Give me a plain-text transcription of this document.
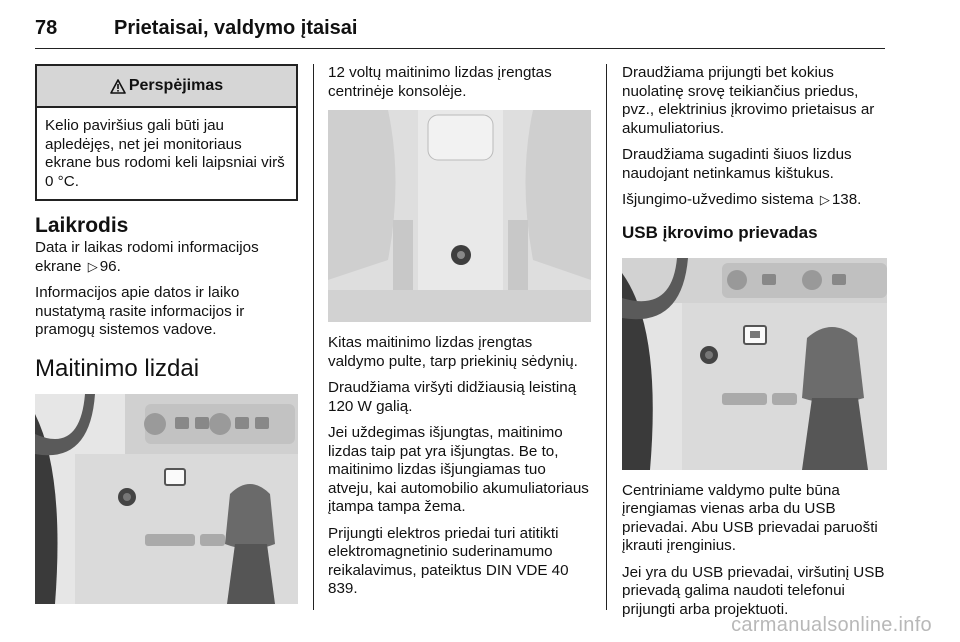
78	Prietaisai, valdymo įtaisai
Perspėjimas
Kelio paviršius gali būti jau apledėjęs, net jei monitoriaus ekrane bus rodomi keli laipsniai virš 0 °C.
Laikrodis

Data ir laikas rodomi informacijos ekrane ▷ 96.

Informacijos apie datos ir laiko nustatymą rasite informacijos ir pramogų sistemos vadove.

Maitinimo lizdai

12 voltų maitinimo lizdas įrengtas centrinėje konsolėje.

Kitas maitinimo lizdas įrengtas valdymo pulte, tarp priekinių sėdynių.

Draudžiama viršyti didžiausią leistiną 120 W galią.

Jei uždegimas išjungtas, maitinimo lizdas taip pat yra išjungtas. Be to, maitinimo lizdas išjungiamas tuo atveju, kai automobilio akumuliatoriaus įtampa tampa žema.

Prijungti elektros priedai turi atitikti elektromagnetinio suderinamumo reikalavimus, pateiktus DIN VDE 40 839.

Draudžiama prijungti bet kokius nuolatinę srovę teikiančius priedus, pvz., elektrinius įkrovimo prietaisus ar akumuliatorius.

Draudžiama sugadinti šiuos lizdus naudojant netinkamus kištukus.

Išjungimo-užvedimo sistema ▷ 138.

USB įkrovimo prievadas

Centriniame valdymo pulte būna įrengiamas vienas arba du USB prievadai. Abu USB prievadai paruošti įkrauti įrenginius.

Jei yra du USB prievadai, viršutinį USB prievadą galima naudoti telefonui prijungti arba projektuoti.

carmanualsonline.info
